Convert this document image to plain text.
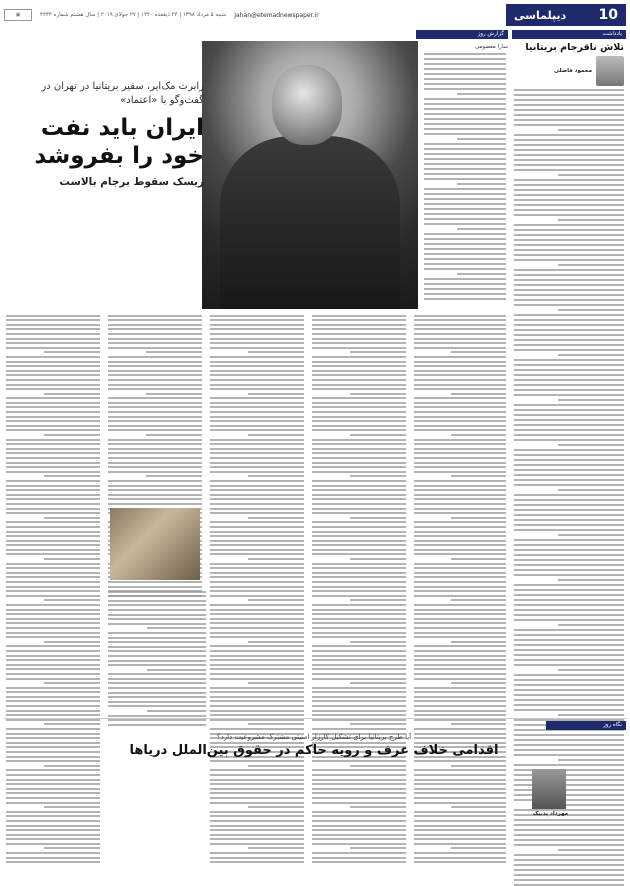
Jahan@etemadnewspaper.ir
شنبه ۵ مرداد ۱۳۹۸ | ۲۴ ذیقعده ۱۴۴۰ | ۲۷ جولای ۲۰۱۹ | سال هشتم شماره ۴۴۳۴
▣	دیپلماسی 10
یادداشت
تلاش ناقرجام بریتانیا
محمود فاضلی
گزارش روز
رابرت مک‌ایر، سفیر بریتانیا در تهران در گفت‌وگو با «اعتماد»
ایران باید نفت خود را بفروشد
ریسک سقوط برجام بالاست
سارا معصومی
نگاه روز
آیا طرح بریتانیا برای تشکیل کارزار امنیتی مشترک مشروعیت دارد؟
اقدامی خلاف عرف و رویه حاکم در حقوق بین‌الملل دریاها
مهرداد پدنیک
